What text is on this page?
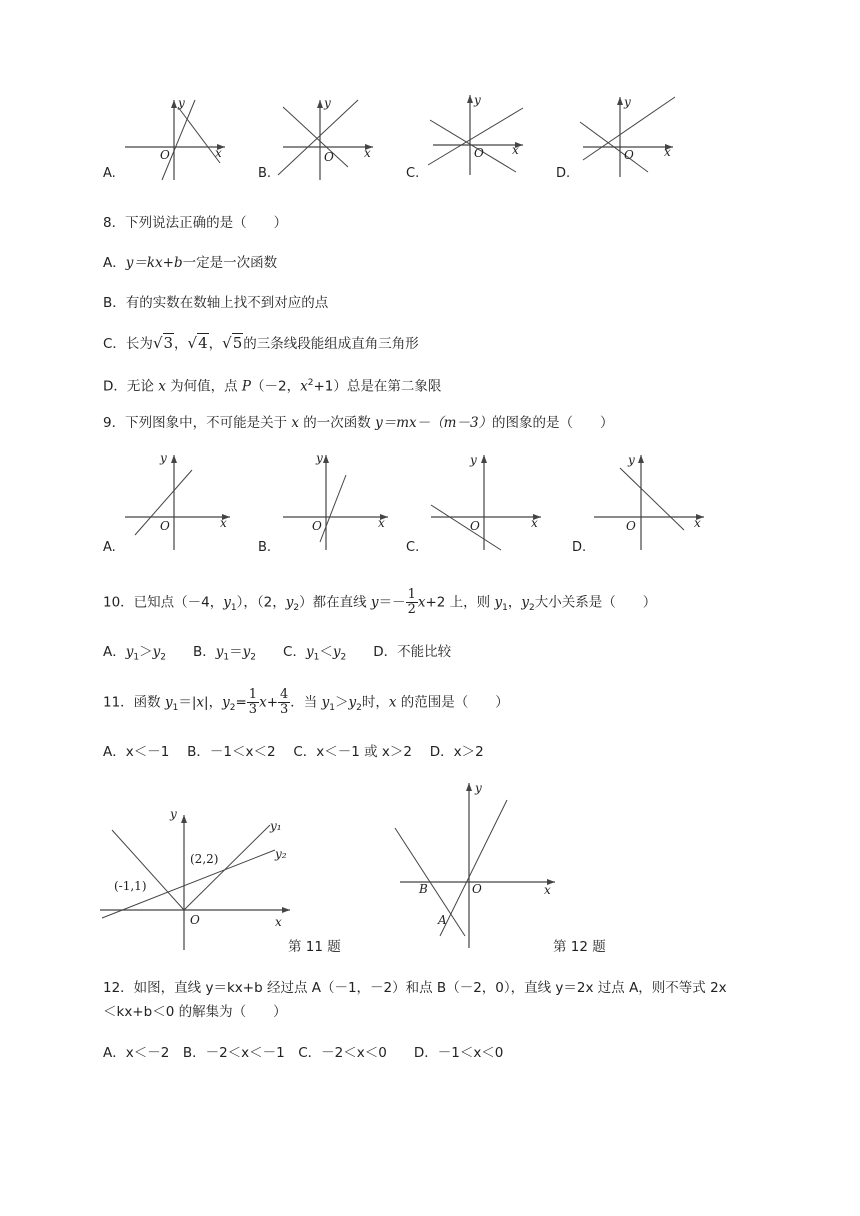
A.
O	x
y
B.
O	x
y
C.
O x
y
D.
O	x
y
8．下列说法正确的是（　　）
A．y＝kx+b一定是一次函数
B．有的实数在数轴上找不到对应的点
C．长为√3，√4，√5的三条线段能组成直角三角形
D．无论 x 为何值，点 P（－2，$x^2+1$）总是在第二象限
9．下列图象中，不可能是关于 x 的一次函数 y＝mx－（m－3）的图象的是（　　）
A.
O	x
y
B.
O	x
y
C.
O	x
y
D.
O	x
y
10．已知点（－4，$y_1$），（2，$y_2$）都在直线 $y=- \frac{1}{2} x+2$ 上，则 $y_1$，$y_2$大小关系是（　　）
A．$y_1>y_2$　　 B．$y_1=y_2$　　 C．$y_1<y_2$　　 D．不能比较
11．函数 $y_1=|x|$，$y_2= \frac{1}{3} x+ \frac{4}{3}$ ．当 $y_1>y_2$时，x 的范围是（　　）
A．x＜－1　 B．－1＜x＜2　 C．x＜－1 或 x＞2　 D．x＞2
y
x
O
y₁
y₂
(2,2)
(-1,1)
第 11 题
y
x
O
B
A
第 12 题
12．如图，直线 y＝kx+b 经过点 A（－1，－2）和点 B（－2，0），直线 y＝2x 过点 A，则不等式 2x
＜kx+b＜0 的解集为（　　）
A．x＜－2　B．－2＜x＜－1　C．－2＜x＜0　　D．－1＜x＜0
